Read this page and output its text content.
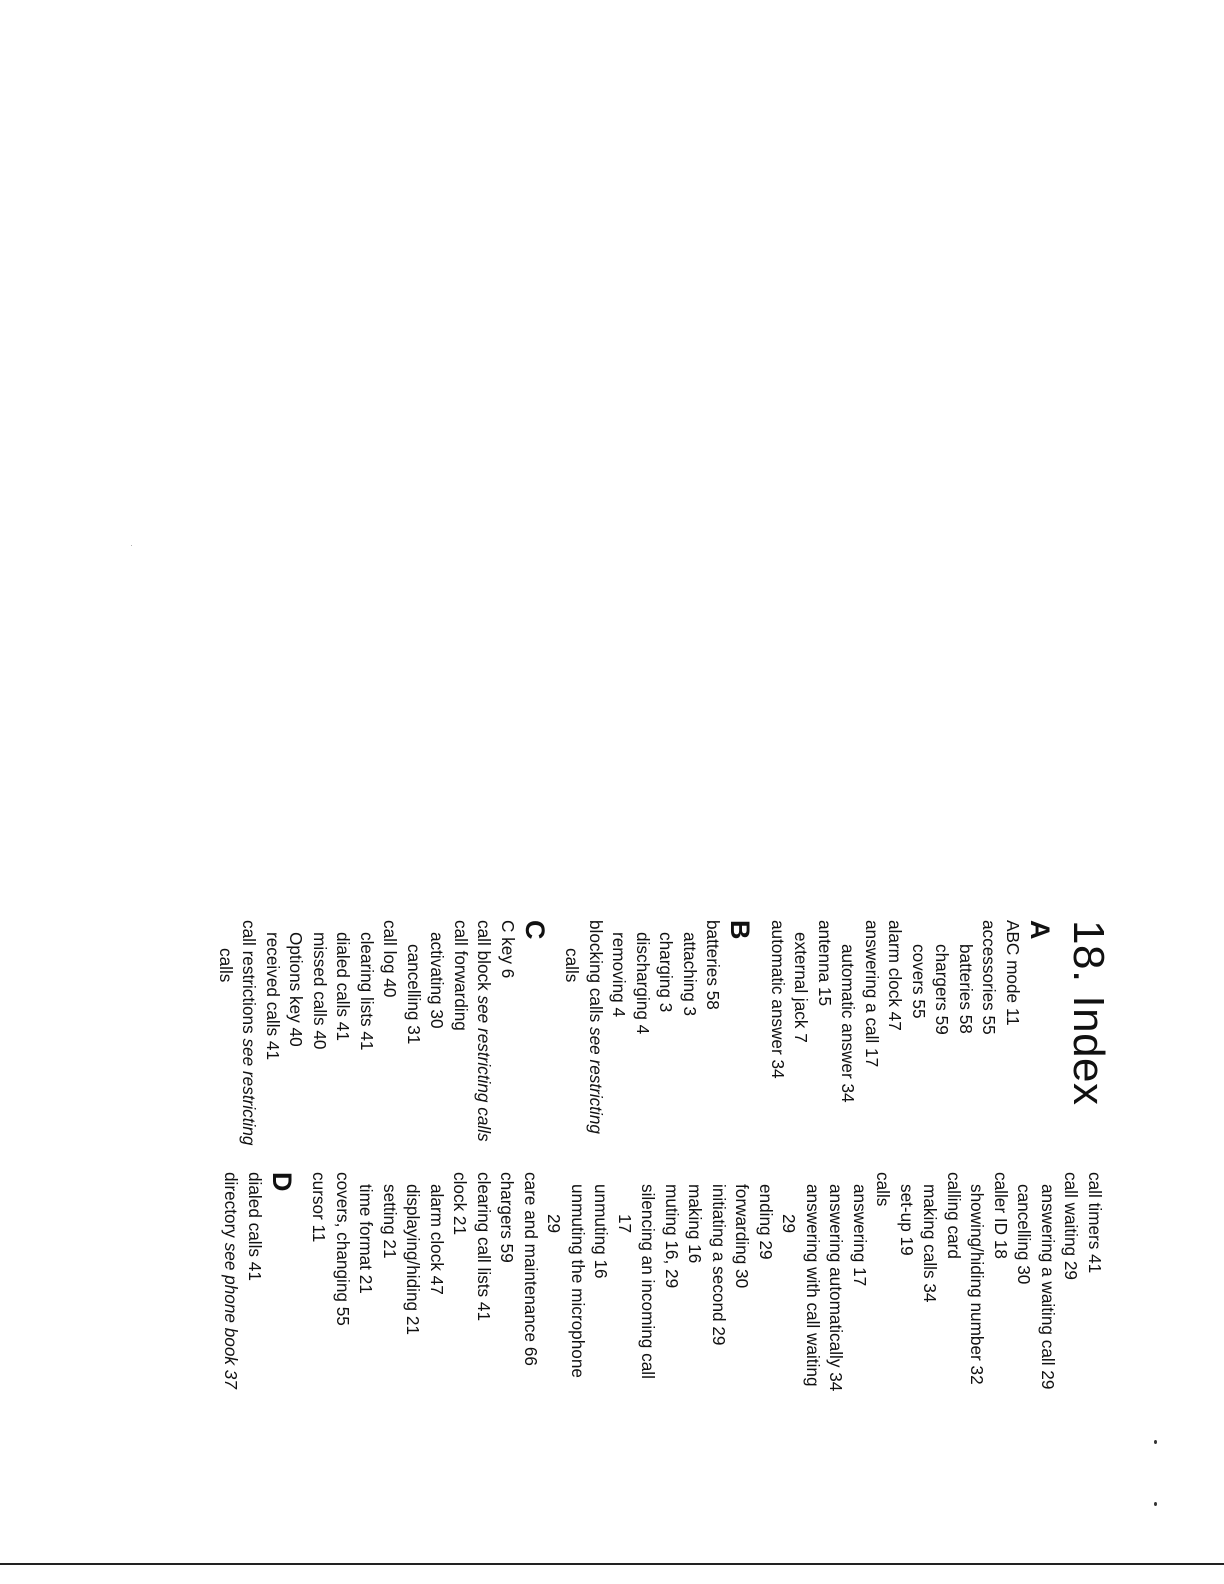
18. Index
A
ABC mode 11
accessories 55
batteries 58
chargers 59
covers 55
alarm clock 47
answering a call 17
automatic answer 34
antenna 15
external jack 7
automatic answer 34
B
batteries 58
attaching 3
charging 3
discharging 4
removing 4
blocking calls see restricting
calls
C
C key 6
call block see restricting calls
call forwarding
activating 30
cancelling 31
call log 40
clearing lists 41
dialed calls 41
missed calls 40
Options key 40
received calls 41
call restrictions see restricting
calls
call timers 41
call waiting 29
answering a waiting call 29
cancelling 30
caller ID 18
showing/hiding number 32
calling card
making calls 34
set-up 19
calls
answering 17
answering automatically 34
answering with call waiting
29
ending 29
forwarding 30
initiating a second 29
making 16
muting 16, 29
silencing an incoming call
17
unmuting 16
unmuting the microphone
29
care and maintenance 66
chargers 59
clearing call lists 41
clock 21
alarm clock 47
displaying/hiding 21
setting 21
time format 21
covers, changing 55
cursor 11
D
dialed calls 41
directory see phone book 37
